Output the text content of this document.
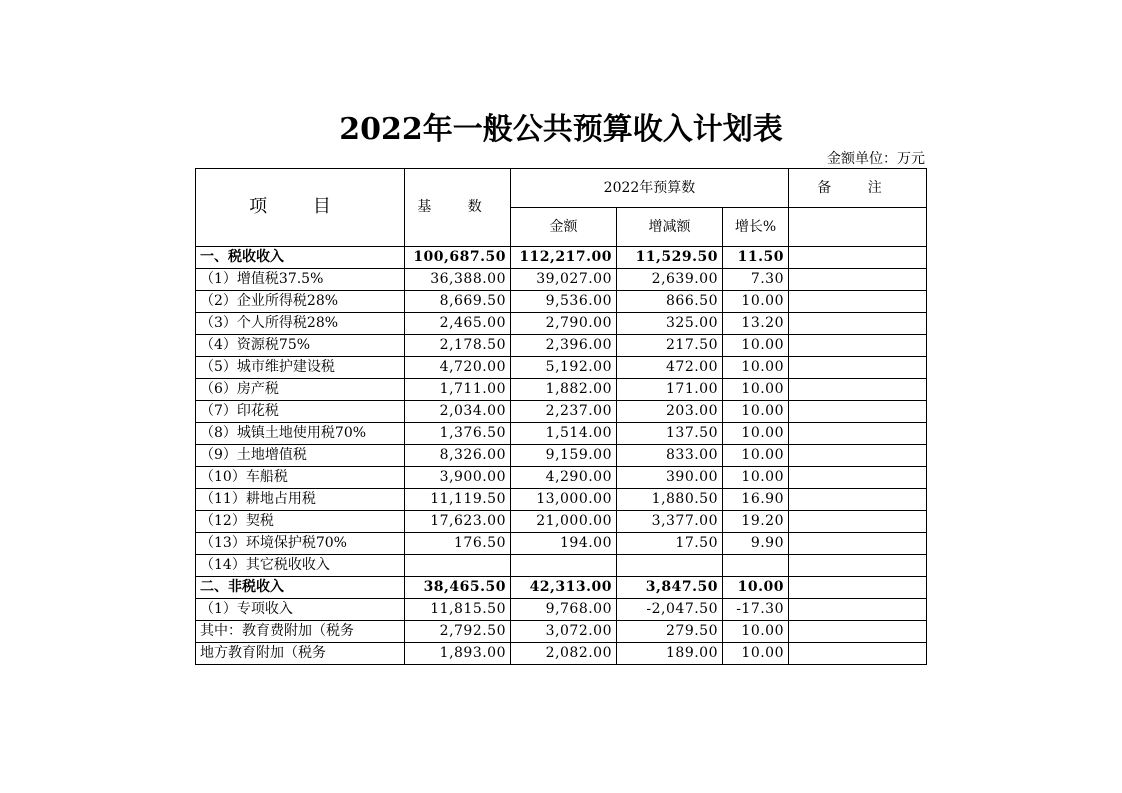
2022年一般公共预算收入计划表
金额单位：万元
项 目	基 数	2022年预算数			备 注
		金额	增减额	增长%	
一、税收收入	100,687.50	112,217.00	11,529.50	11.50	
（1）增值税37.5%	36,388.00	39,027.00	2,639.00	7.30	
（2）企业所得税28%	8,669.50	9,536.00	866.50	10.00	
（3）个人所得税28%	2,465.00	2,790.00	325.00	13.20	
（4）资源税75%	2,178.50	2,396.00	217.50	10.00	
（5）城市维护建设税	4,720.00	5,192.00	472.00	10.00	
（6）房产税	1,711.00	1,882.00	171.00	10.00	
（7）印花税	2,034.00	2,237.00	203.00	10.00	
（8）城镇土地使用税70%	1,376.50	1,514.00	137.50	10.00	
（9）土地增值税	8,326.00	9,159.00	833.00	10.00	
（10）车船税	3,900.00	4,290.00	390.00	10.00	
（11）耕地占用税	11,119.50	13,000.00	1,880.50	16.90	
（12）契税	17,623.00	21,000.00	3,377.00	19.20	
（13）环境保护税70%	176.50	194.00	17.50	9.90	
（14）其它税收收入					
二、非税收入	38,465.50	42,313.00	3,847.50	10.00	
（1）专项收入	11,815.50	9,768.00	-2,047.50	-17.30	
其中：教育费附加（税务	2,792.50	3,072.00	279.50	10.00	
地方教育附加（税务	1,893.00	2,082.00	189.00	10.00	
